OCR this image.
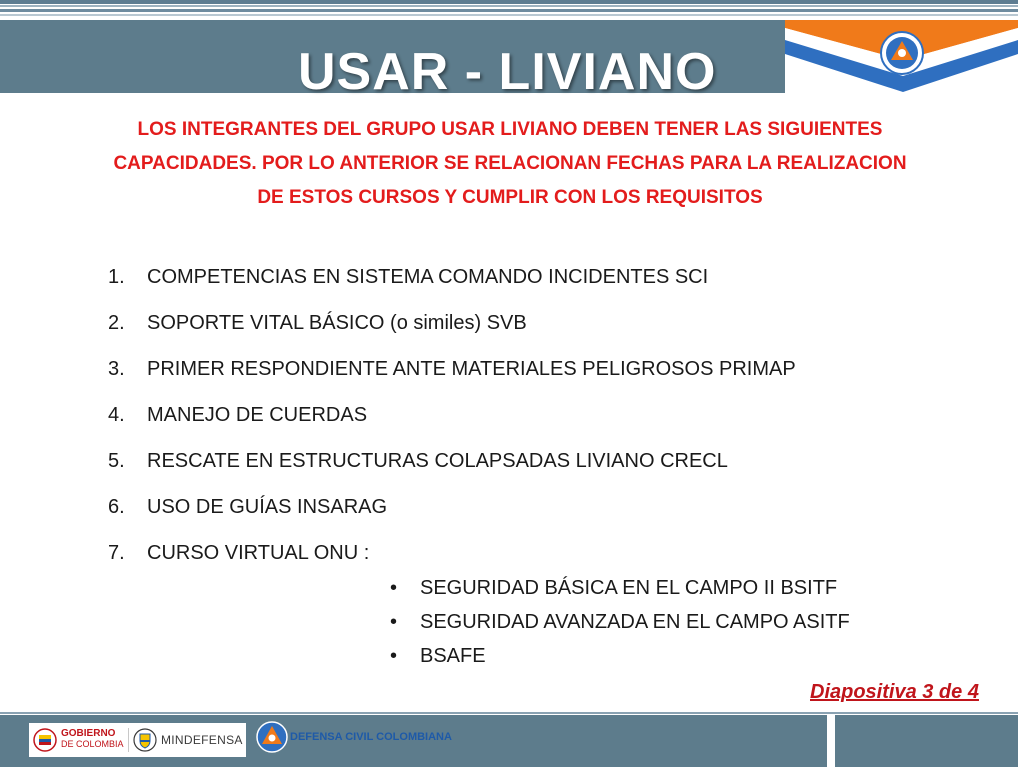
USAR - LIVIANO
LOS INTEGRANTES DEL GRUPO USAR LIVIANO DEBEN TENER LAS SIGUIENTES CAPACIDADES. POR LO ANTERIOR SE RELACIONAN FECHAS PARA LA REALIZACION DE ESTOS CURSOS Y CUMPLIR CON LOS REQUISITOS
1.	COMPETENCIAS EN SISTEMA COMANDO INCIDENTES SCI
2.	SOPORTE VITAL BÁSICO (o similes) SVB
3.	PRIMER RESPONDIENTE ANTE MATERIALES PELIGROSOS PRIMAP
4.	MANEJO DE CUERDAS
5.	RESCATE EN ESTRUCTURAS COLAPSADAS LIVIANO CRECL
6.	USO DE GUÍAS INSARAG
7.	CURSO VIRTUAL ONU :
• SEGURIDAD BÁSICA EN EL CAMPO II BSITF
• SEGURIDAD AVANZADA EN EL CAMPO ASITF
• BSAFE
Diapositiva 3 de 4
GOBIERNO
DE COLOMBIA	MINDEFENSA	DEFENSA CIVIL COLOMBIANA
